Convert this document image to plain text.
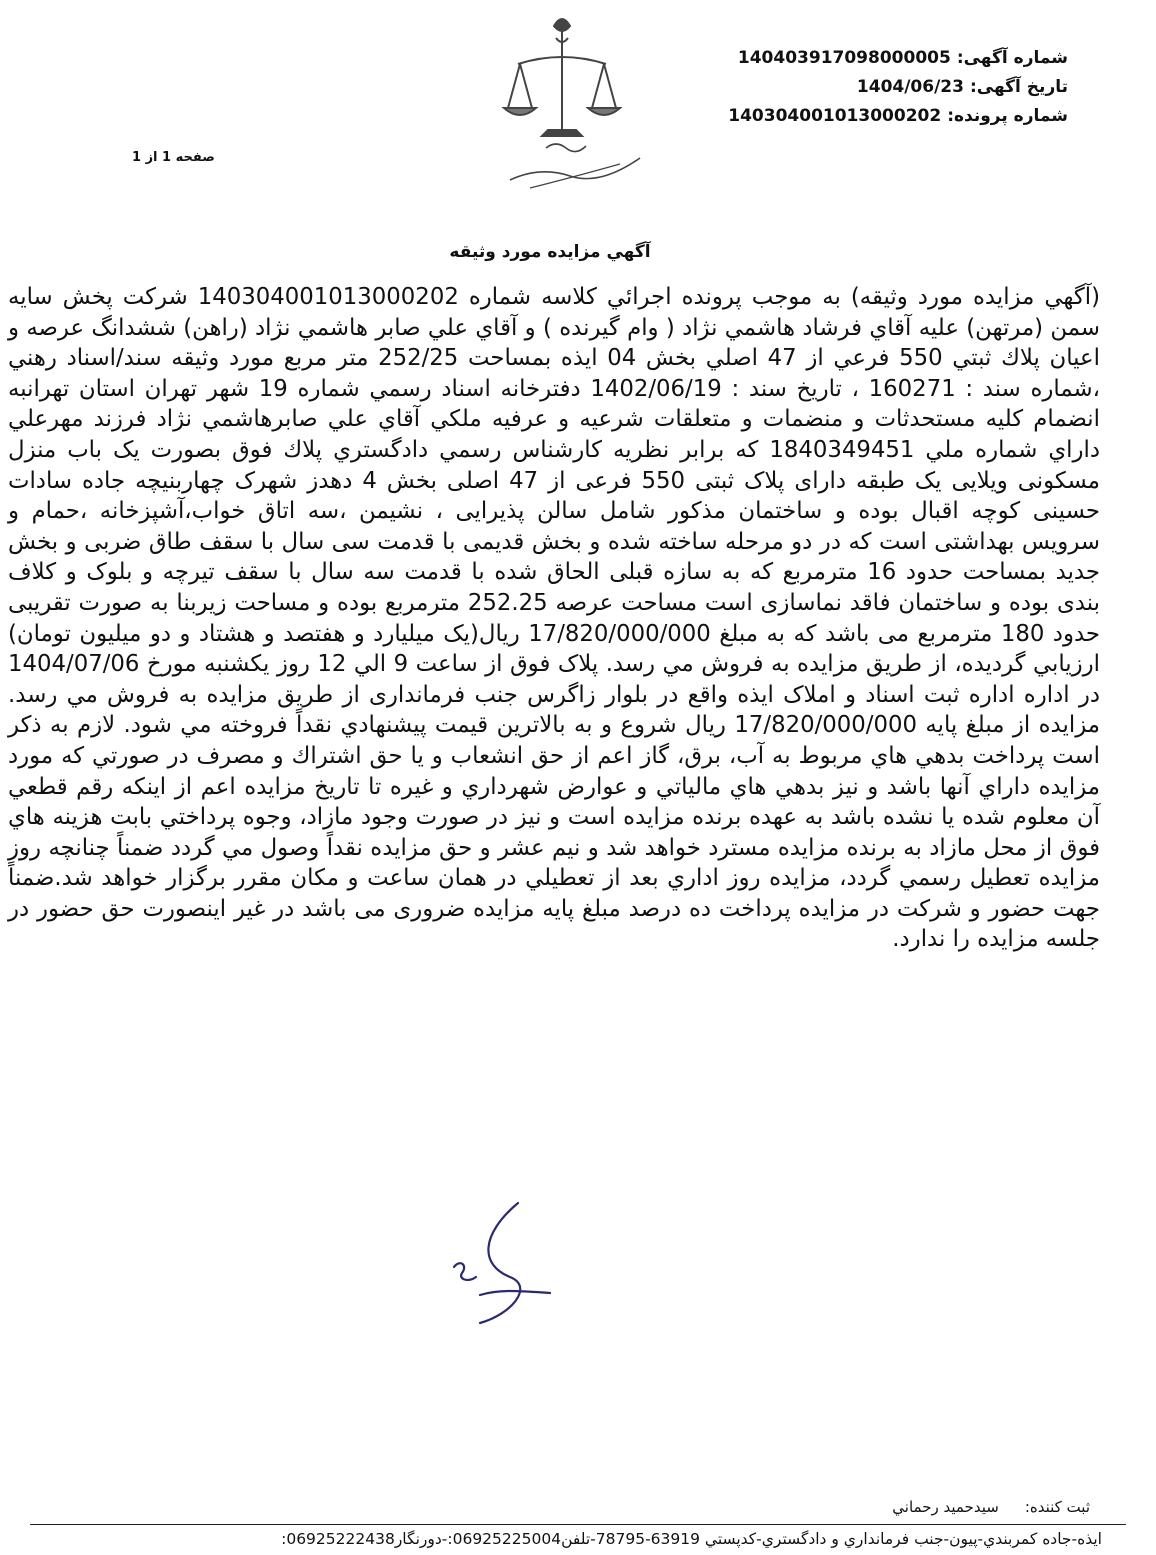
شماره آگهی:140403917098000005
تاریخ آگهی:1404/06/23
شماره پرونده:140304001013000202
صفحه 1 از 1
آگهي مزايده مورد وثيقه
(آگهي مزايده مورد وثيقه) به موجب پرونده اجرائي كلاسه شماره 140304001013000202 شركت پخش سايه سمن (مرتهن) عليه آقاي فرشاد هاشمي نژاد ( وام گيرنده ) و آقاي علي صابر هاشمي نژاد (راهن) ششدانگ عرصه و اعيان پلاك ثبتي 550 فرعي از 47 اصلي بخش 04 ايذه بمساحت 252/25 متر مربع مورد وثيقه سند/اسناد رهني ،شماره سند : 160271 ، تاريخ سند : 1402/06/19 دفترخانه اسناد رسمي شماره 19 شهر تهران استان تهرانبه انضمام كليه مستحدثات و منضمات و متعلقات شرعيه و عرفيه ملكي آقاي علي صابرهاشمي نژاد فرزند مهرعلي داراي شماره ملي 1840349451 كه برابر نظريه كارشناس رسمي دادگستري پلاك فوق بصورت یک باب منزل مسکونی ویلایی یک طبقه دارای پلاک ثبتی 550 فرعی از 47 اصلی بخش 4 دهدز شهرک چهاربنیچه جاده سادات حسینی کوچه اقبال بوده و ساختمان مذکور شامل سالن پذیرایی ، نشیمن ،سه اتاق خواب،آشپزخانه ،حمام و سرویس بهداشتی است که در دو مرحله ساخته شده و بخش قدیمی با قدمت سی سال با سقف طاق ضربی و بخش جدید بمساحت حدود 16 مترمربع که به سازه قبلی الحاق شده با قدمت سه سال با سقف تیرچه و بلوک و کلاف بندی بوده و ساختمان فاقد نماسازی است مساحت عرصه 252.25 مترمربع بوده و مساحت زیربنا به صورت تقریبی حدود 180 مترمربع می باشد كه به مبلغ 17/820/000/000 ريال(يک ميليارد و هفتصد و هشتاد و دو ميليون تومان) ارزيابي گرديده، از طريق مزايده به فروش مي رسد. پلاک فوق از ساعت 9 الي 12 روز يكشنبه مورخ 1404/07/06 در اداره اداره ثبت اسناد و املاک ایذه واقع در بلوار زاگرس جنب فرمانداری از طريق مزايده به فروش مي رسد. مزايده از مبلغ پايه 17/820/000/000 ريال شروع و به بالاترين قيمت پيشنهادي نقداً فروخته مي شود. لازم به ذكر است پرداخت بدهي هاي مربوط به آب، برق، گاز اعم از حق انشعاب و يا حق اشتراك و مصرف در صورتي كه مورد مزايده داراي آنها باشد و نيز بدهي هاي مالياتي و عوارض شهرداري و غيره تا تاريخ مزايده اعم از اينكه رقم قطعي آن معلوم شده يا نشده باشد به عهده برنده مزايده است و نيز در صورت وجود مازاد، وجوه پرداختي بابت هزينه هاي فوق از محل مازاد به برنده مزايده مسترد خواهد شد و نيم عشر و حق مزايده نقداً وصول مي گردد ضمناً چنانچه روز مزايده تعطيل رسمي گردد، مزايده روز اداري بعد از تعطيلي در همان ساعت و مكان مقرر برگزار خواهد شد.ضمناً جهت حضور و شرکت در مزایده پرداخت ده درصد مبلغ پایه مزایده ضروری می باشد در غیر اینصورت حق حضور در جلسه مزایده را ندارد.
ثبت كننده:سيدحميد رحماني
ايذه-جاده كمربندي-پيون-جنب فرمانداري و دادگستري-كدپستي 63919-78795-تلفن06925225004:-دورنگار06925222438:
